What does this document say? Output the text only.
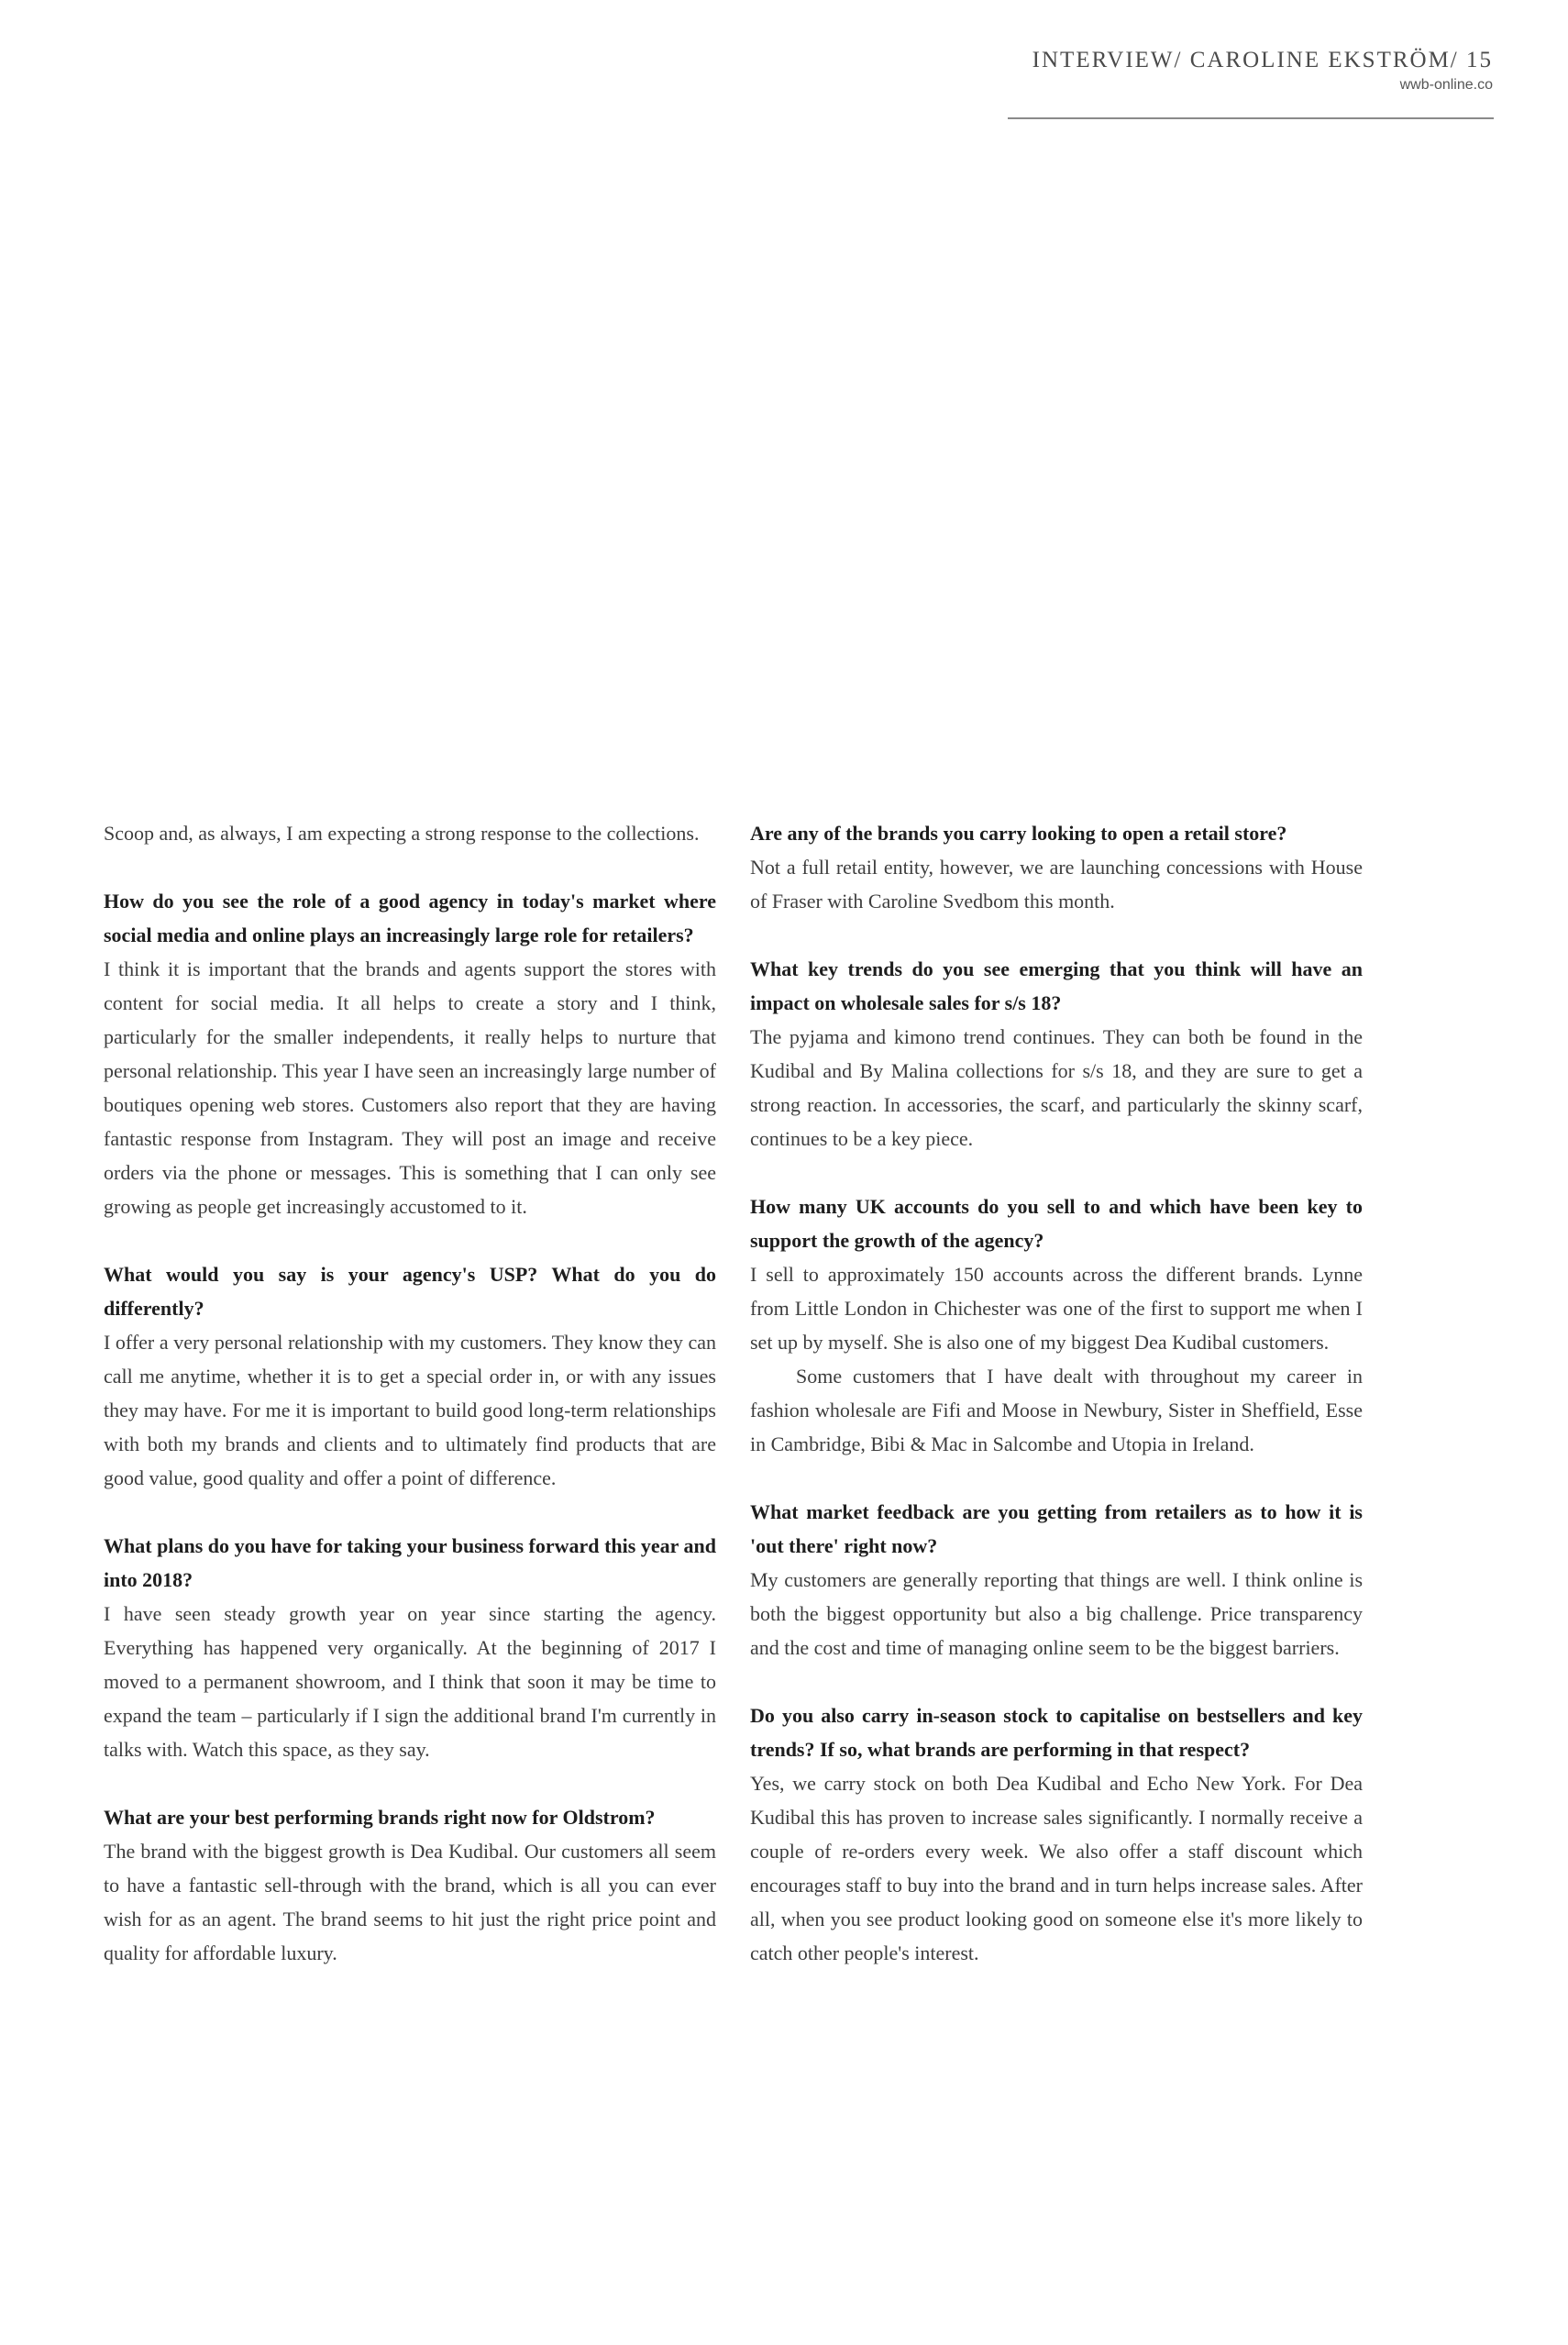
INTERVIEW/ CAROLINE EKSTRÖM/ 15
wwb-online.co

Scoop and, as always, I am expecting a strong response to the collections.

How do you see the role of a good agency in today's market where social media and online plays an increasingly large role for retailers?

I think it is important that the brands and agents support the stores with content for social media. It all helps to create a story and I think, particularly for the smaller independents, it really helps to nurture that personal relationship. This year I have seen an increasingly large number of boutiques opening web stores. Customers also report that they are having fantastic response from Instagram. They will post an image and receive orders via the phone or messages. This is something that I can only see growing as people get increasingly accustomed to it.

What would you say is your agency's USP? What do you do differently?

I offer a very personal relationship with my customers. They know they can call me anytime, whether it is to get a special order in, or with any issues they may have. For me it is important to build good long-term relationships with both my brands and clients and to ultimately find products that are good value, good quality and offer a point of difference.

What plans do you have for taking your business forward this year and into 2018?

I have seen steady growth year on year since starting the agency. Everything has happened very organically. At the beginning of 2017 I moved to a permanent showroom, and I think that soon it may be time to expand the team – particularly if I sign the additional brand I'm currently in talks with. Watch this space, as they say.

What are your best performing brands right now for Oldstrom?

The brand with the biggest growth is Dea Kudibal. Our customers all seem to have a fantastic sell-through with the brand, which is all you can ever wish for as an agent. The brand seems to hit just the right price point and quality for affordable luxury.

Are any of the brands you carry looking to open a retail store?

Not a full retail entity, however, we are launching concessions with House of Fraser with Caroline Svedbom this month.

What key trends do you see emerging that you think will have an impact on wholesale sales for s/s 18?

The pyjama and kimono trend continues. They can both be found in the Kudibal and By Malina collections for s/s 18, and they are sure to get a strong reaction. In accessories, the scarf, and particularly the skinny scarf, continues to be a key piece.

How many UK accounts do you sell to and which have been key to support the growth of the agency?

I sell to approximately 150 accounts across the different brands. Lynne from Little London in Chichester was one of the first to support me when I set up by myself. She is also one of my biggest Dea Kudibal customers.

Some customers that I have dealt with throughout my career in fashion wholesale are Fifi and Moose in Newbury, Sister in Sheffield, Esse in Cambridge, Bibi & Mac in Salcombe and Utopia in Ireland.

What market feedback are you getting from retailers as to how it is 'out there' right now?

My customers are generally reporting that things are well. I think online is both the biggest opportunity but also a big challenge. Price transparency and the cost and time of managing online seem to be the biggest barriers.

Do you also carry in-season stock to capitalise on bestsellers and key trends? If so, what brands are performing in that respect?

Yes, we carry stock on both Dea Kudibal and Echo New York. For Dea Kudibal this has proven to increase sales significantly. I normally receive a couple of re-orders every week. We also offer a staff discount which encourages staff to buy into the brand and in turn helps increase sales. After all, when you see product looking good on someone else it's more likely to catch other people's interest.
